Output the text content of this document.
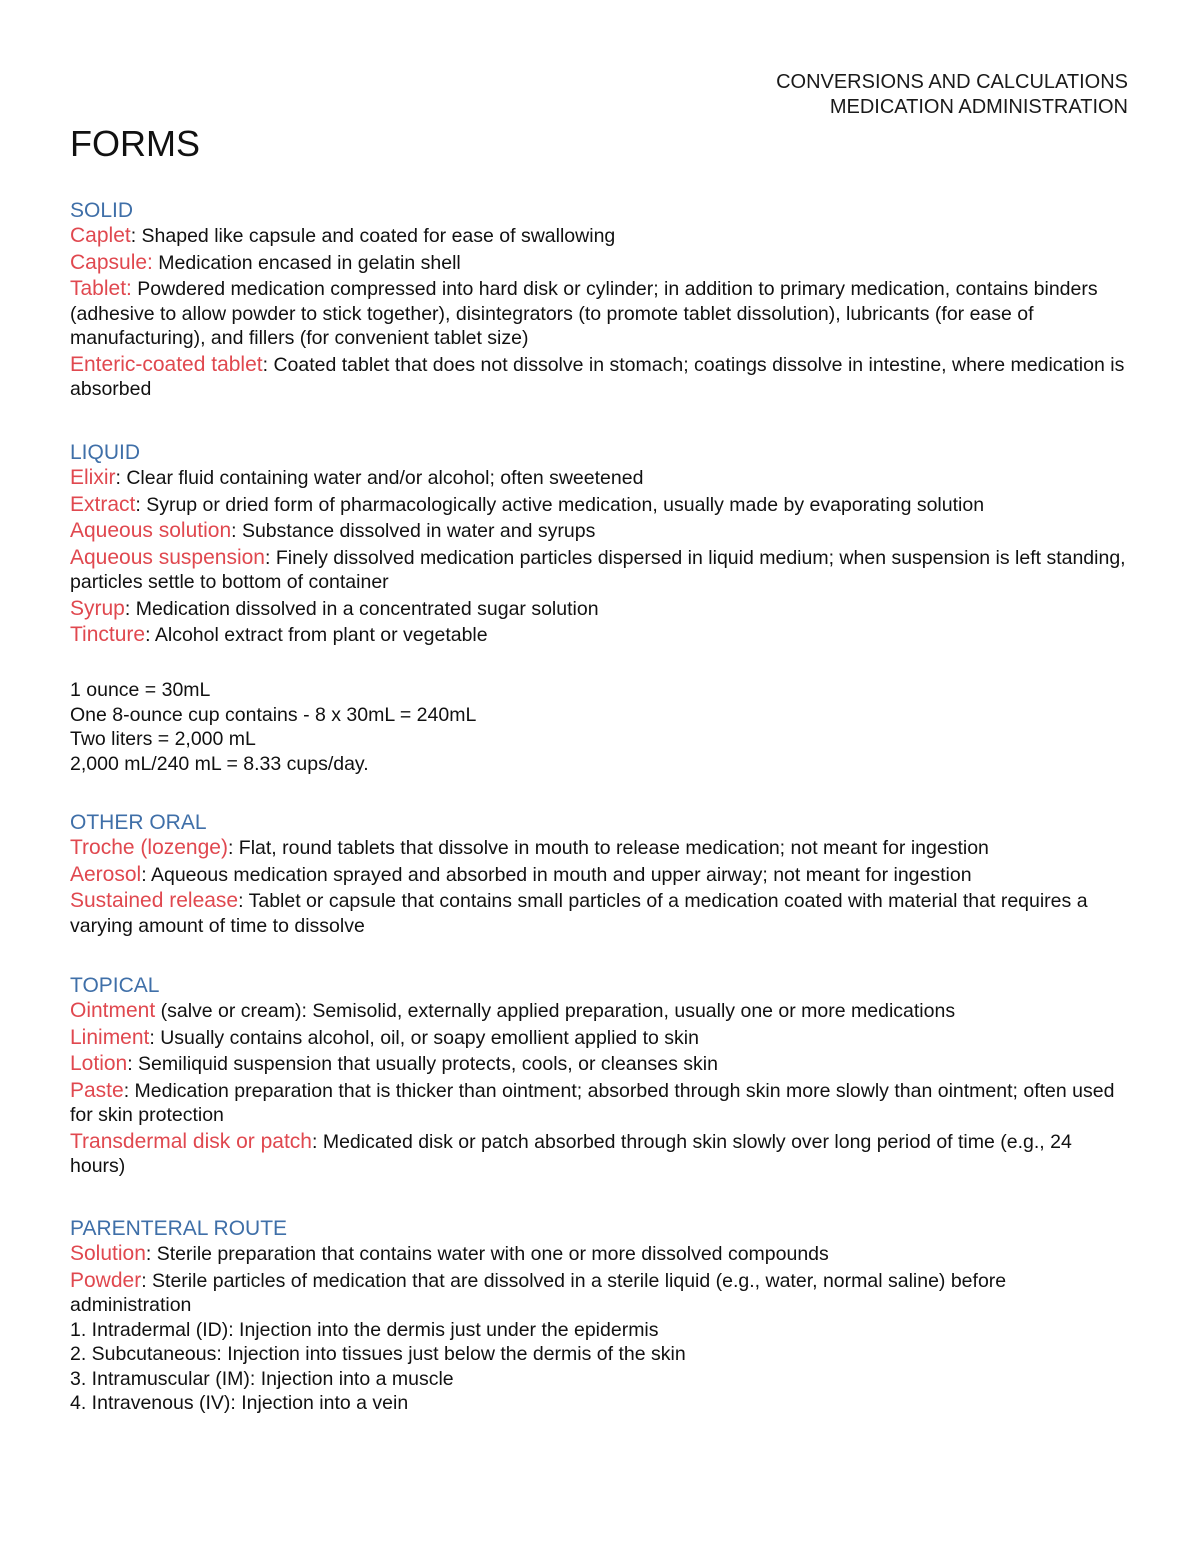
CONVERSIONS AND CALCULATIONS
MEDICATION ADMINISTRATION
FORMS
SOLID

Caplet: Shaped like capsule and coated for ease of swallowing

Capsule: Medication encased in gelatin shell

Tablet: Powdered medication compressed into hard disk or cylinder; in addition to primary medication, contains binders (adhesive to allow powder to stick together), disintegrators (to promote tablet dissolution), lubricants (for ease of manufacturing), and fillers (for convenient tablet size)

Enteric-coated tablet: Coated tablet that does not dissolve in stomach; coatings dissolve in intestine, where medication is absorbed

LIQUID

Elixir: Clear fluid containing water and/or alcohol; often sweetened

Extract: Syrup or dried form of pharmacologically active medication, usually made by evaporating solution

Aqueous solution: Substance dissolved in water and syrups

Aqueous suspension: Finely dissolved medication particles dispersed in liquid medium; when suspension is left standing, particles settle to bottom of container

Syrup: Medication dissolved in a concentrated sugar solution

Tincture: Alcohol extract from plant or vegetable

1 ounce = 30mL
One 8-ounce cup contains - 8 x 30mL = 240mL
Two liters = 2,000 mL
2,000 mL/240 mL = 8.33 cups/day.
OTHER ORAL

Troche (lozenge): Flat, round tablets that dissolve in mouth to release medication; not meant for ingestion

Aerosol: Aqueous medication sprayed and absorbed in mouth and upper airway; not meant for ingestion

Sustained release: Tablet or capsule that contains small particles of a medication coated with material that requires a varying amount of time to dissolve

TOPICAL

Ointment (salve or cream): Semisolid, externally applied preparation, usually one or more medications

Liniment: Usually contains alcohol, oil, or soapy emollient applied to skin

Lotion: Semiliquid suspension that usually protects, cools, or cleanses skin

Paste: Medication preparation that is thicker than ointment; absorbed through skin more slowly than ointment; often used for skin protection

Transdermal disk or patch: Medicated disk or patch absorbed through skin slowly over long period of time (e.g., 24 hours)

PARENTERAL ROUTE

Solution: Sterile preparation that contains water with one or more dissolved compounds

Powder: Sterile particles of medication that are dissolved in a sterile liquid (e.g., water, normal saline) before administration

1. Intradermal (ID): Injection into the dermis just under the epidermis
2. Subcutaneous: Injection into tissues just below the dermis of the skin
3. Intramuscular (IM): Injection into a muscle
4. Intravenous (IV): Injection into a vein
